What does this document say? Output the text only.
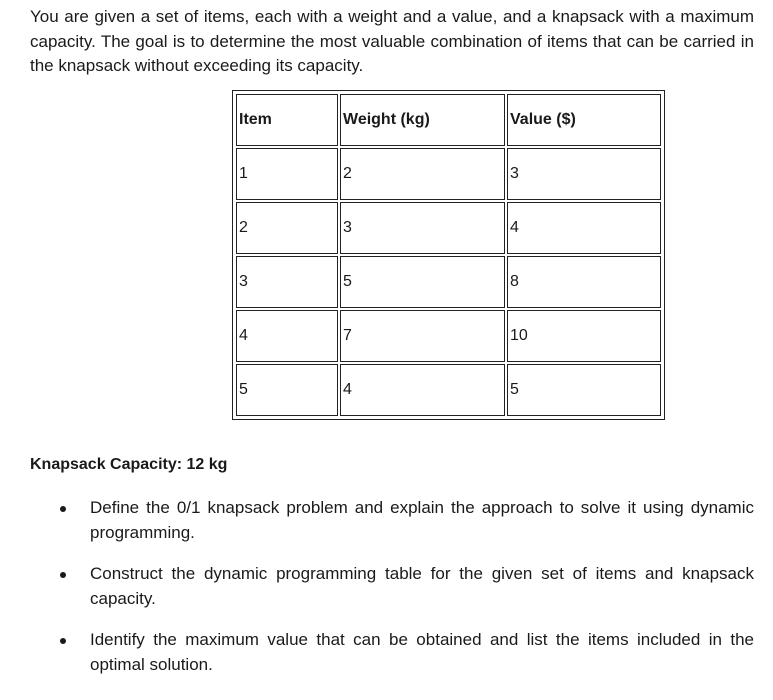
You are given a set of items, each with a weight and a value, and a knapsack with a maximum capacity. The goal is to determine the most valuable combination of items that can be carried in the knapsack without exceeding its capacity.

Item	Weight (kg)	Value ($)
1	2	3
2	3	4
3	5	8
4	7	10
5	4	5

Knapsack Capacity: 12 kg

Define the 0/1 knapsack problem and explain the approach to solve it using dynamic programming.
Construct the dynamic programming table for the given set of items and knapsack capacity.
Identify the maximum value that can be obtained and list the items included in the optimal solution.
